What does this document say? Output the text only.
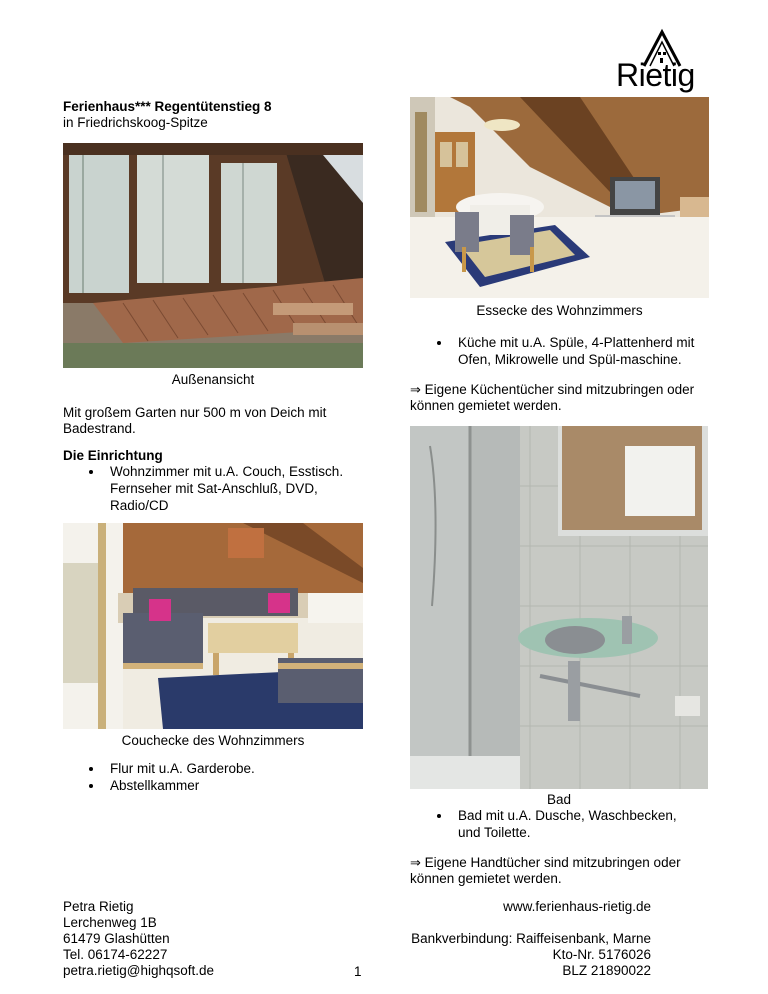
Rietig
Ferienhaus*** Regentütenstieg 8
in Friedrichskoog-Spitze
Außenansicht
Mit großem Garten nur 500 m von Deich mit
Badestrand.
Die Einrichtung
Wohnzimmer mit u.A. Couch, Esstisch.
Fernseher mit Sat-Anschluß, DVD,
Radio/CD
Couchecke des Wohnzimmers
Flur mit u.A. Garderobe.
Abstellkammer
Essecke des Wohnzimmers
Küche mit u.A. Spüle, 4-Plattenherd mit
Ofen, Mikrowelle und Spül-maschine.
⇒ Eigene Küchentücher sind mitzubringen oder
können gemietet werden.
Bad
Bad mit u.A. Dusche, Waschbecken,
und Toilette.
⇒ Eigene Handtücher sind mitzubringen oder
können gemietet werden.
Petra Rietig
Lerchenweg 1B
61479 Glashütten
Tel. 06174-62227
petra.rietig@highqsoft.de	1
www.ferienhaus-rietig.de
Bankverbindung: Raiffeisenbank, Marne
Kto-Nr. 5176026
BLZ 21890022
